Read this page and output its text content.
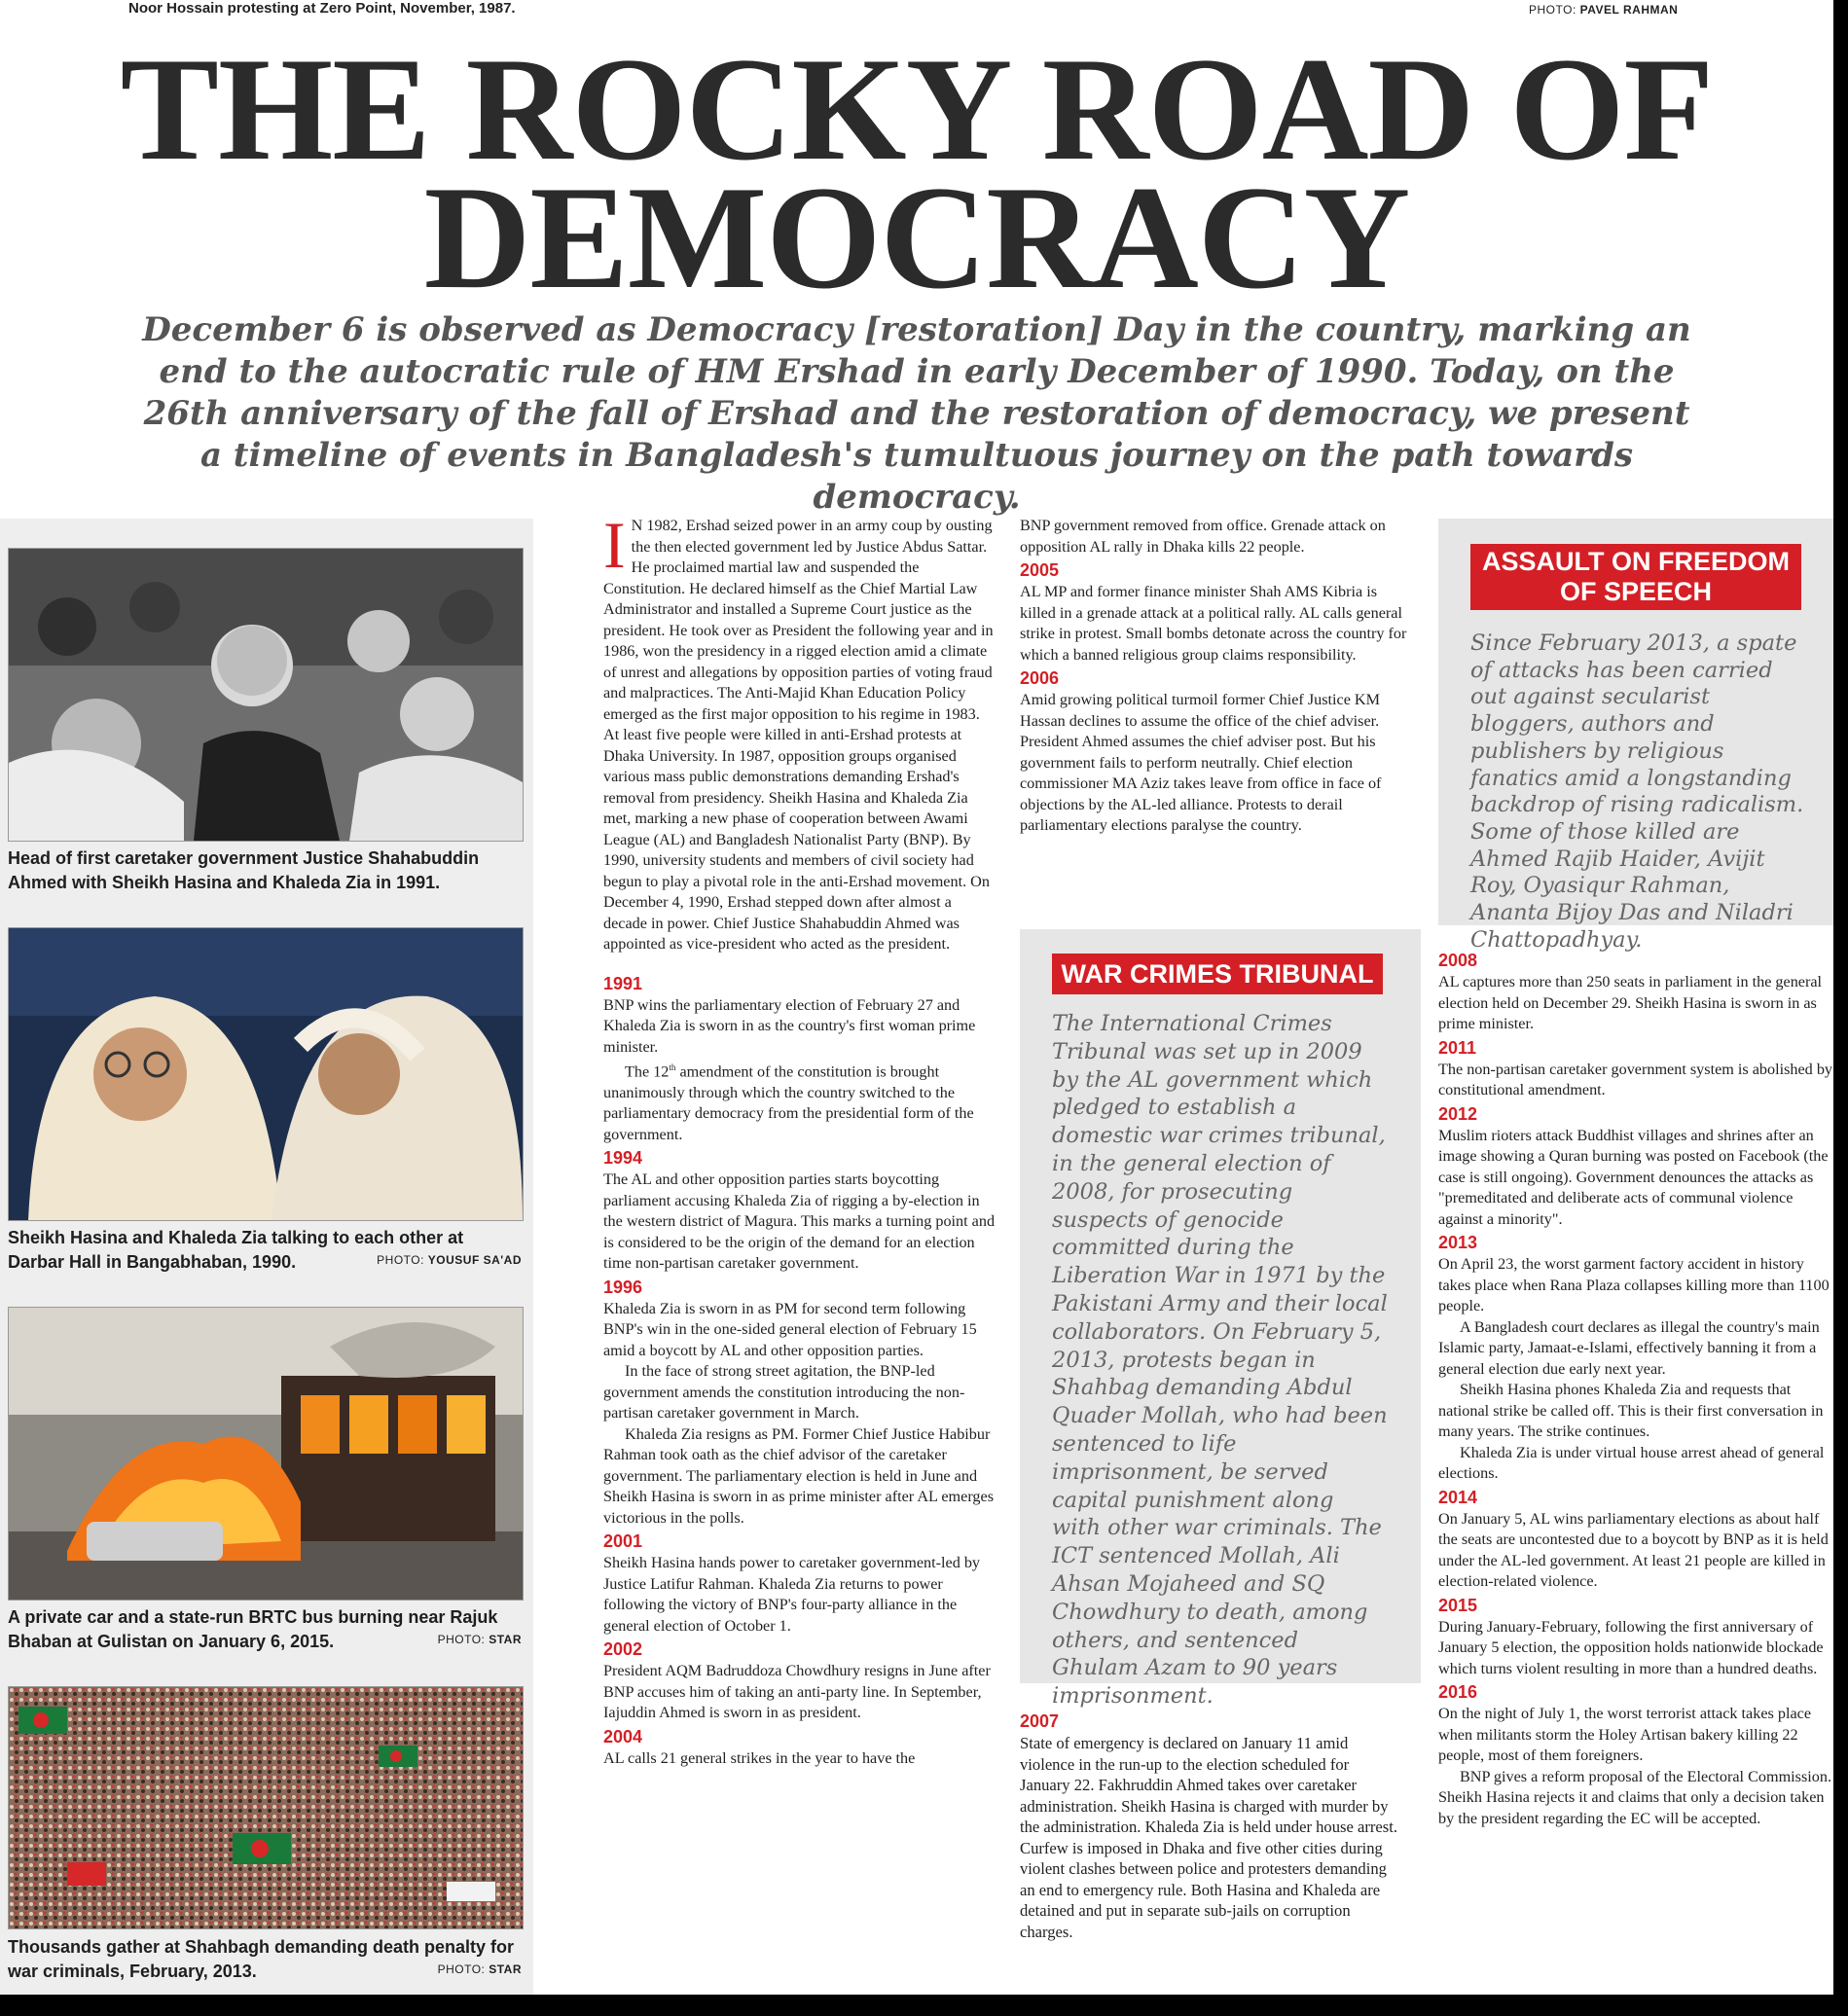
Noor Hossain protesting at Zero Point, November, 1987.	PHOTO: PAVEL RAHMAN
THE ROCKY ROAD OF
DEMOCRACY
December 6 is observed as Democracy [restoration] Day in the country, marking an end to the autocratic rule of HM Ershad in early December of 1990. Today, on the 26th anniversary of the fall of Ershad and the restoration of democracy, we present a timeline of events in Bangladesh's tumultuous journey on the path towards democracy.
Head of first caretaker government Justice Shahabuddin Ahmed with Sheikh Hasina and Khaleda Zia in 1991.
Sheikh Hasina and Khaleda Zia talking to each other at Darbar Hall in Bangabhaban, 1990.	PHOTO: YOUSUF SA'AD
A private car and a state-run BRTC bus burning near Rajuk Bhaban at Gulistan on January 6, 2015.	PHOTO: STAR
Thousands gather at Shahbagh demanding death penalty for war criminals, February, 2013.	PHOTO: STAR

I N 1982, Ershad seized power in an army coup by ousting the then elected government led by Justice Abdus Sattar. He proclaimed martial law and suspended the Constitution. He declared himself as the Chief Martial Law Administrator and installed a Supreme Court justice as the president. He took over as President the following year and in 1986, won the presidency in a rigged election amid a climate of unrest and allegations by opposition parties of voting fraud and malpractices. The Anti-Majid Khan Education Policy emerged as the first major opposition to his regime in 1983. At least five people were killed in anti-Ershad protests at Dhaka University. In 1987, opposition groups organised various mass public demonstrations demanding Ershad's removal from presidency. Sheikh Hasina and Khaleda Zia met, marking a new phase of cooperation between Awami League (AL) and Bangladesh Nationalist Party (BNP). By 1990, university students and members of civil society had begun to play a pivotal role in the anti-Ershad movement. On December 4, 1990, Ershad stepped down after almost a decade in power. Chief Justice Shahabuddin Ahmed was appointed as vice-president who acted as the president.

1991

BNP wins the parliamentary election of February 27 and Khaleda Zia is sworn in as the country's first woman prime minister.

The 12th amendment of the constitution is brought unanimously through which the country switched to the parliamentary democracy from the presidential form of the government.

1994

The AL and other opposition parties starts boycotting parliament accusing Khaleda Zia of rigging a by-election in the western district of Magura. This marks a turning point and is considered to be the origin of the demand for an election time non-partisan caretaker government.

1996

Khaleda Zia is sworn in as PM for second term following BNP's win in the one-sided general election of February 15 amid a boycott by AL and other opposition parties.

In the face of strong street agitation, the BNP-led government amends the constitution introducing the non-partisan caretaker government in March.

Khaleda Zia resigns as PM. Former Chief Justice Habibur Rahman took oath as the chief advisor of the caretaker government. The parliamentary election is held in June and Sheikh Hasina is sworn in as prime minister after AL emerges victorious in the polls.

2001

Sheikh Hasina hands power to caretaker government-led by Justice Latifur Rahman. Khaleda Zia returns to power following the victory of BNP's four-party alliance in the general election of October 1.

2002

President AQM Badruddoza Chowdhury resigns in June after BNP accuses him of taking an anti-party line. In September, Iajuddin Ahmed is sworn in as president.

2004

AL calls 21 general strikes in the year to have the

BNP government removed from office. Grenade attack on opposition AL rally in Dhaka kills 22 people.

2005

AL MP and former finance minister Shah AMS Kibria is killed in a grenade attack at a political rally. AL calls general strike in protest. Small bombs detonate across the country for which a banned religious group claims responsibility.

2006

Amid growing political turmoil former Chief Justice KM Hassan declines to assume the office of the chief adviser. President Ahmed assumes the chief adviser post. But his government fails to perform neutrally. Chief election commissioner MA Aziz takes leave from office in face of objections by the AL-led alliance. Protests to derail parliamentary elections paralyse the country.

WAR CRIMES TRIBUNAL
The International Crimes Tribunal was set up in 2009 by the AL government which pledged to establish a domestic war crimes tribunal, in the general election of 2008, for prosecuting suspects of genocide committed during the Liberation War in 1971 by the Pakistani Army and their local collaborators. On February 5, 2013, protests began in Shahbag demanding Abdul Quader Mollah, who had been sentenced to life imprisonment, be served capital punishment along with other war criminals. The ICT sentenced Mollah, Ali Ahsan Mojaheed and SQ Chowdhury to death, among others, and sentenced Ghulam Azam to 90 years imprisonment.
2007

State of emergency is declared on January 11 amid violence in the run-up to the election scheduled for January 22. Fakhruddin Ahmed takes over caretaker administration. Sheikh Hasina is charged with murder by the administration. Khaleda Zia is held under house arrest. Curfew is imposed in Dhaka and five other cities during violent clashes between police and protesters demanding an end to emergency rule. Both Hasina and Khaleda are detained and put in separate sub-jails on corruption charges.

ASSAULT ON FREEDOM
OF SPEECH
Since February 2013, a spate of attacks has been carried out against secularist bloggers, authors and publishers by religious fanatics amid a longstanding backdrop of rising radicalism. Some of those killed are Ahmed Rajib Haider, Avijit Roy, Oyasiqur Rahman, Ananta Bijoy Das and Niladri Chattopadhyay.
2008

AL captures more than 250 seats in parliament in the general election held on December 29. Sheikh Hasina is sworn in as prime minister.

2011

The non-partisan caretaker government system is abolished by constitutional amendment.

2012

Muslim rioters attack Buddhist villages and shrines after an image showing a Quran burning was posted on Facebook (the case is still ongoing). Government denounces the attacks as "premeditated and deliberate acts of communal violence against a minority".

2013

On April 23, the worst garment factory accident in history takes place when Rana Plaza collapses killing more than 1100 people.

A Bangladesh court declares as illegal the country's main Islamic party, Jamaat-e-Islami, effectively banning it from a general election due early next year.

Sheikh Hasina phones Khaleda Zia and requests that national strike be called off. This is their first conversation in many years. The strike continues.

Khaleda Zia is under virtual house arrest ahead of general elections.

2014

On January 5, AL wins parliamentary elections as about half the seats are uncontested due to a boycott by BNP as it is held under the AL-led government. At least 21 people are killed in election-related violence.

2015

During January-February, following the first anniversary of January 5 election, the opposition holds nationwide blockade which turns violent resulting in more than a hundred deaths.

2016

On the night of July 1, the worst terrorist attack takes place when militants storm the Holey Artisan bakery killing 22 people, most of them foreigners.

BNP gives a reform proposal of the Electoral Commission. Sheikh Hasina rejects it and claims that only a decision taken by the president regarding the EC will be accepted.
